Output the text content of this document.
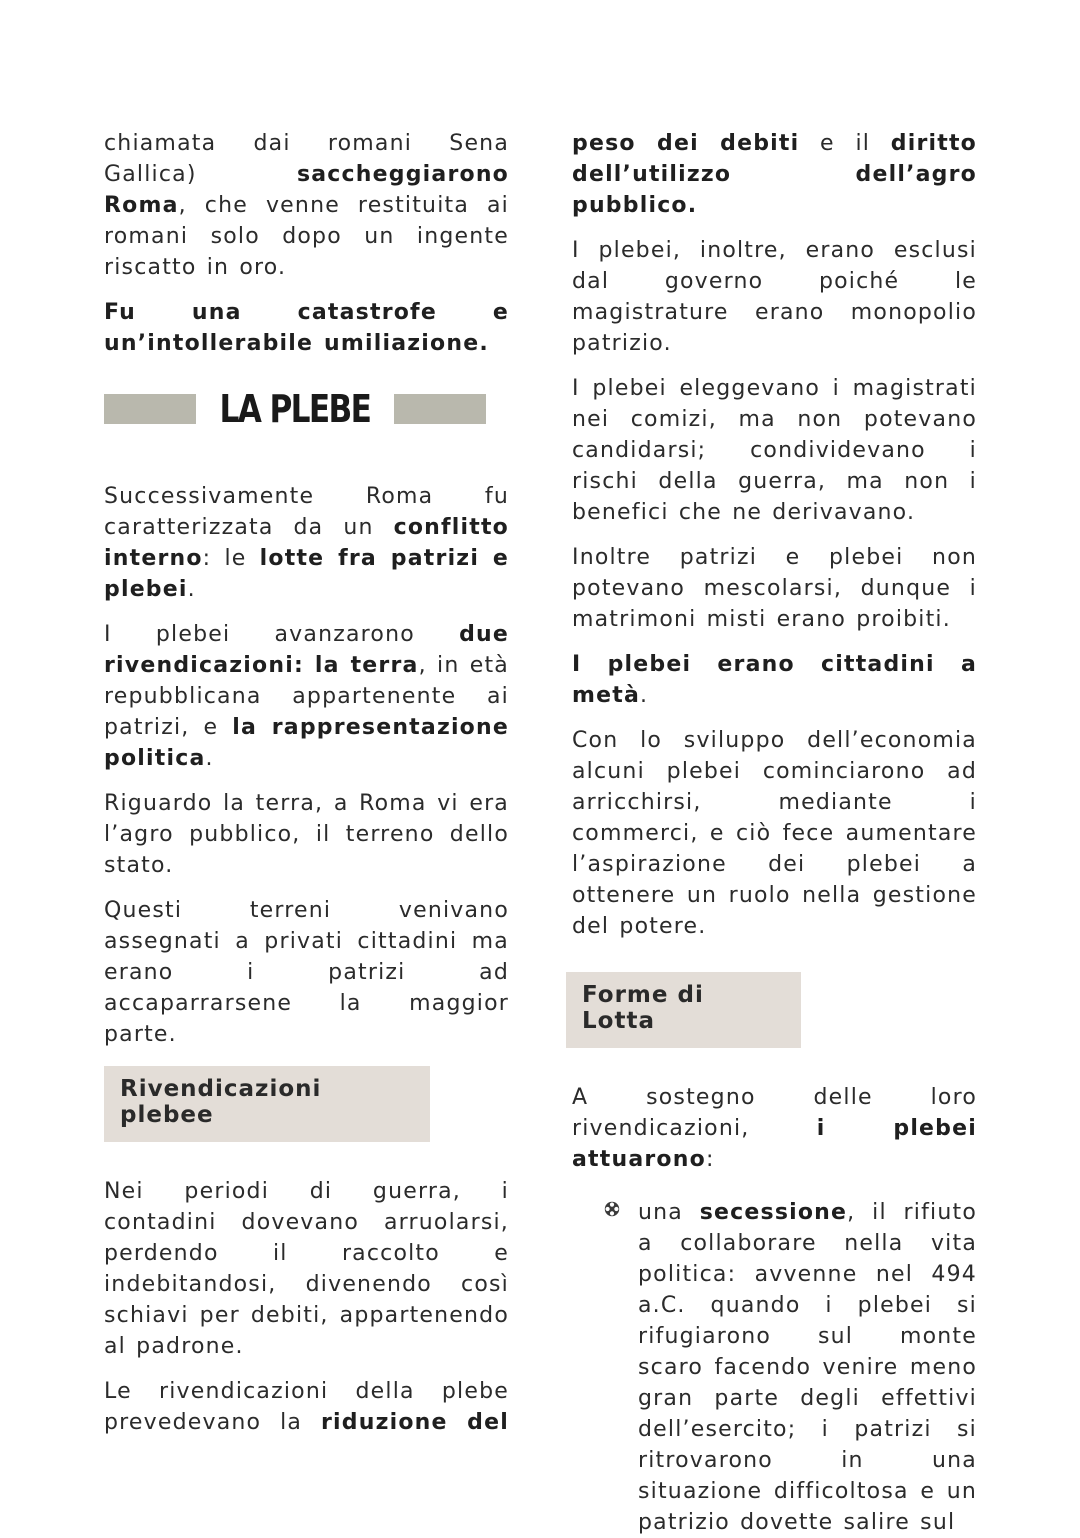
chiamata dai romani Sena Gallica) saccheggiarono Roma, che venne restituita ai romani solo dopo un ingente riscatto in oro.

Fu una catastrofe e un’intollerabile umiliazione.

LA PLEBE

Successivamente Roma fu caratterizzata da un conflitto interno: le lotte fra patrizi e plebei.

I plebei avanzarono due rivendicazioni: la terra, in età repubblicana appartenente ai patrizi, e la rappresentazione politica.

Riguardo la terra, a Roma vi era l’agro pubblico, il terreno dello stato.

Questi terreni venivano assegnati a privati cittadini ma erano i patrizi ad accaparrarsene la maggior parte.

Rivendicazioni plebee

Nei periodi di guerra, i contadini dovevano arruolarsi, perdendo il raccolto e indebitandosi, divenendo così schiavi per debiti, appartenendo al padrone.

Le rivendicazioni della plebe prevedevano la riduzione del

peso dei debiti e il diritto dell’utilizzo dell’agro pubblico.

I plebei, inoltre, erano esclusi dal governo poiché le magistrature erano monopolio patrizio.

I plebei eleggevano i magistrati nei comizi, ma non potevano candidarsi; condividevano i rischi della guerra, ma non i benefici che ne derivavano.

Inoltre patrizi e plebei non potevano mescolarsi, dunque i matrimoni misti erano proibiti.

I plebei erano cittadini a metà.

Con lo sviluppo dell’economia alcuni plebei cominciarono ad arricchirsi, mediante i commerci, e ciò fece aumentare l’aspirazione dei plebei a ottenere un ruolo nella gestione del potere.

Forme di Lotta

A sostegno delle loro rivendicazioni, i plebei attuarono:

una secessione, il rifiuto a collaborare nella vita politica: avvenne nel 494 a.C. quando i plebei si rifugiarono sul monte scaro facendo venire meno gran parte degli effettivi dell’esercito; i patrizi si ritrovarono in una situazione difficoltosa e un patrizio dovette salire sul
